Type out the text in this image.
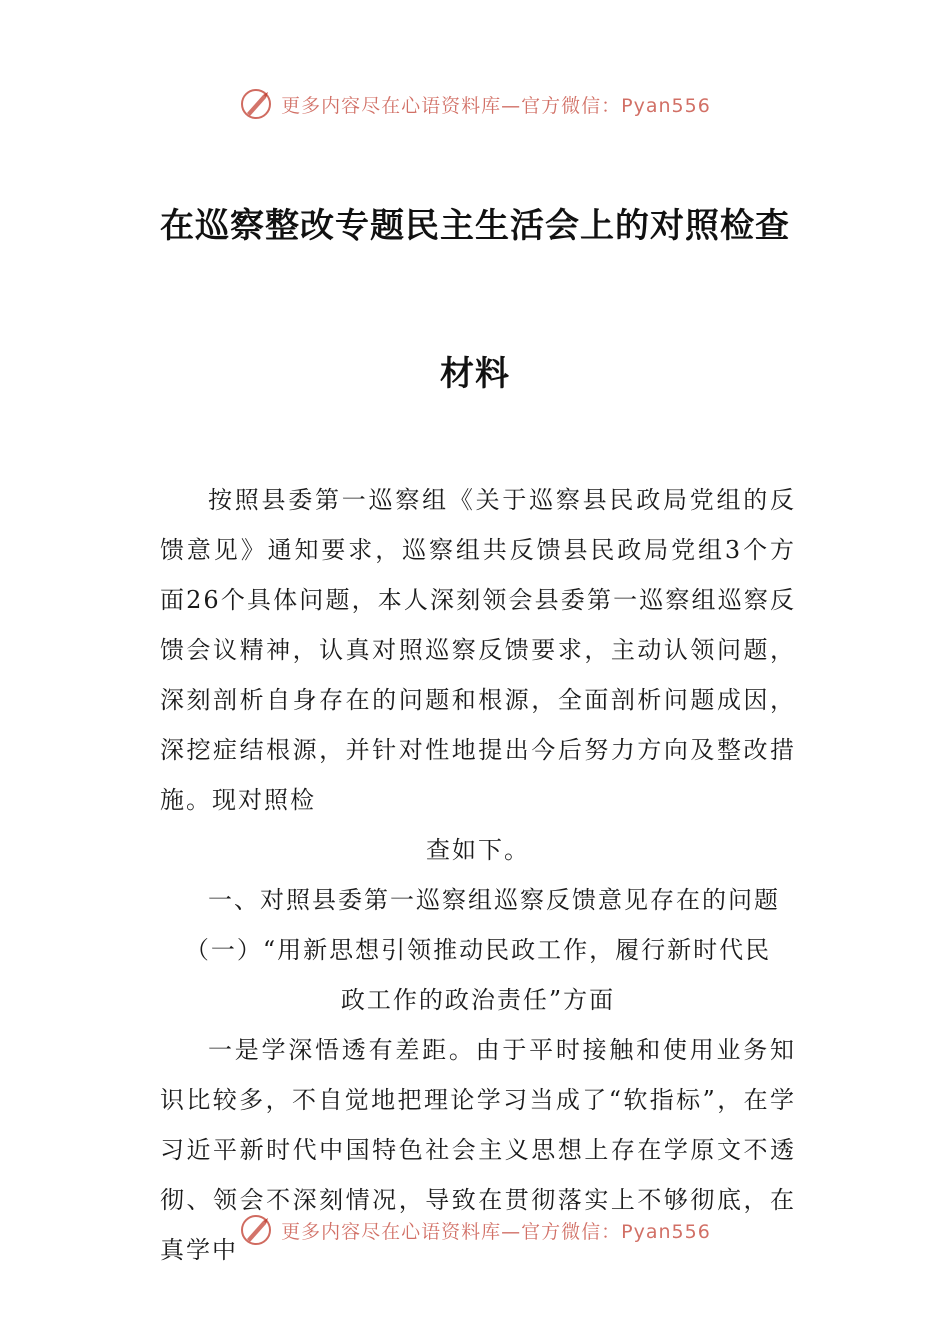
更多内容尽在心语资料库—官方微信：Pyan556
在巡察整改专题民主生活会上的对照检查
材料

按照县委第一巡察组《关于巡察县民政局党组的反馈意见》通知要求，巡察组共反馈县民政局党组3个方面26个具体问题，本人深刻领会县委第一巡察组巡察反馈会议精神，认真对照巡察反馈要求，主动认领问题，深刻剖析自身存在的问题和根源，全面剖析问题成因，深挖症结根源，并针对性地提出今后努力方向及整改措施。现对照检

查如下。

一、对照县委第一巡察组巡察反馈意见存在的问题

（一）“用新思想引领推动民政工作，履行新时代民

政工作的政治责任”方面

一是学深悟透有差距。由于平时接触和使用业务知识比较多，不自觉地把理论学习当成了“软指标”，在学习近平新时代中国特色社会主义思想上存在学原文不透彻、领会不深刻情况，导致在贯彻落实上不够彻底，在真学中

更多内容尽在心语资料库—官方微信：Pyan556
